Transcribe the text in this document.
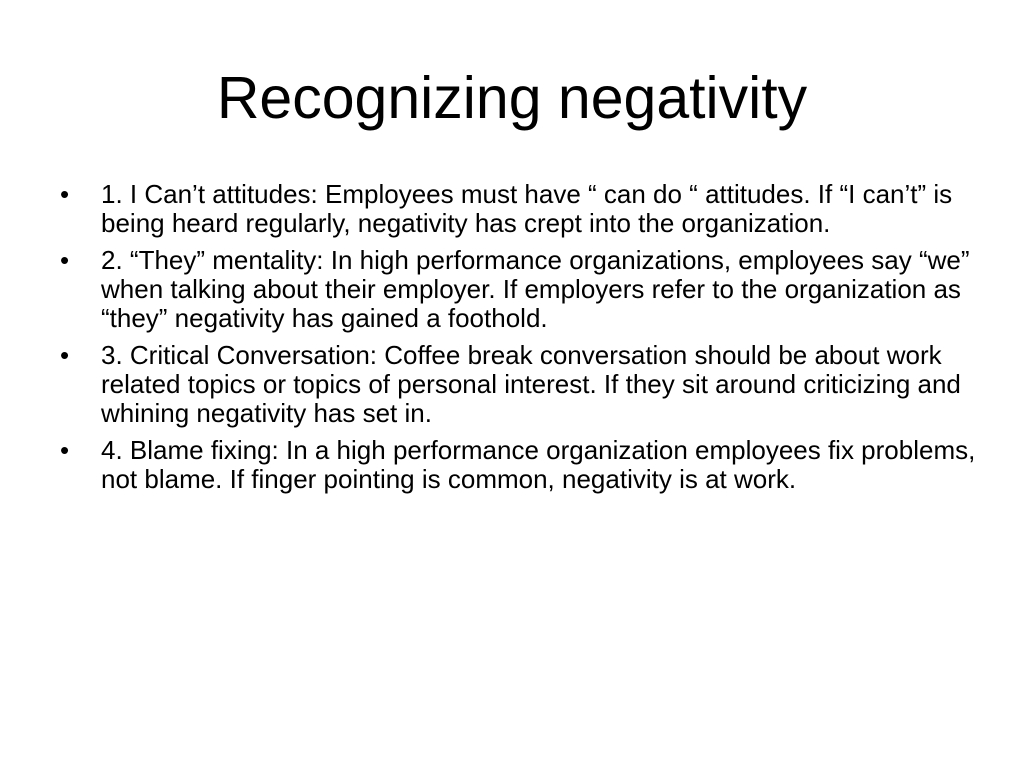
Recognizing negativity
•	1. I Can’t attitudes: Employees must have “ can do “ attitudes. If “I can’t” is being heard regularly, negativity has crept into the organization.
•	2. “They” mentality: In high performance organizations, employees say “we” when talking about their employer. If employers refer to the organization as “they” negativity has gained a foothold.
•	3. Critical Conversation: Coffee break conversation should be about work related topics or topics of personal interest. If they sit around criticizing and whining negativity has set in.
•	4. Blame fixing: In a high performance organization employees fix problems, not blame. If finger pointing is common, negativity is at work.
